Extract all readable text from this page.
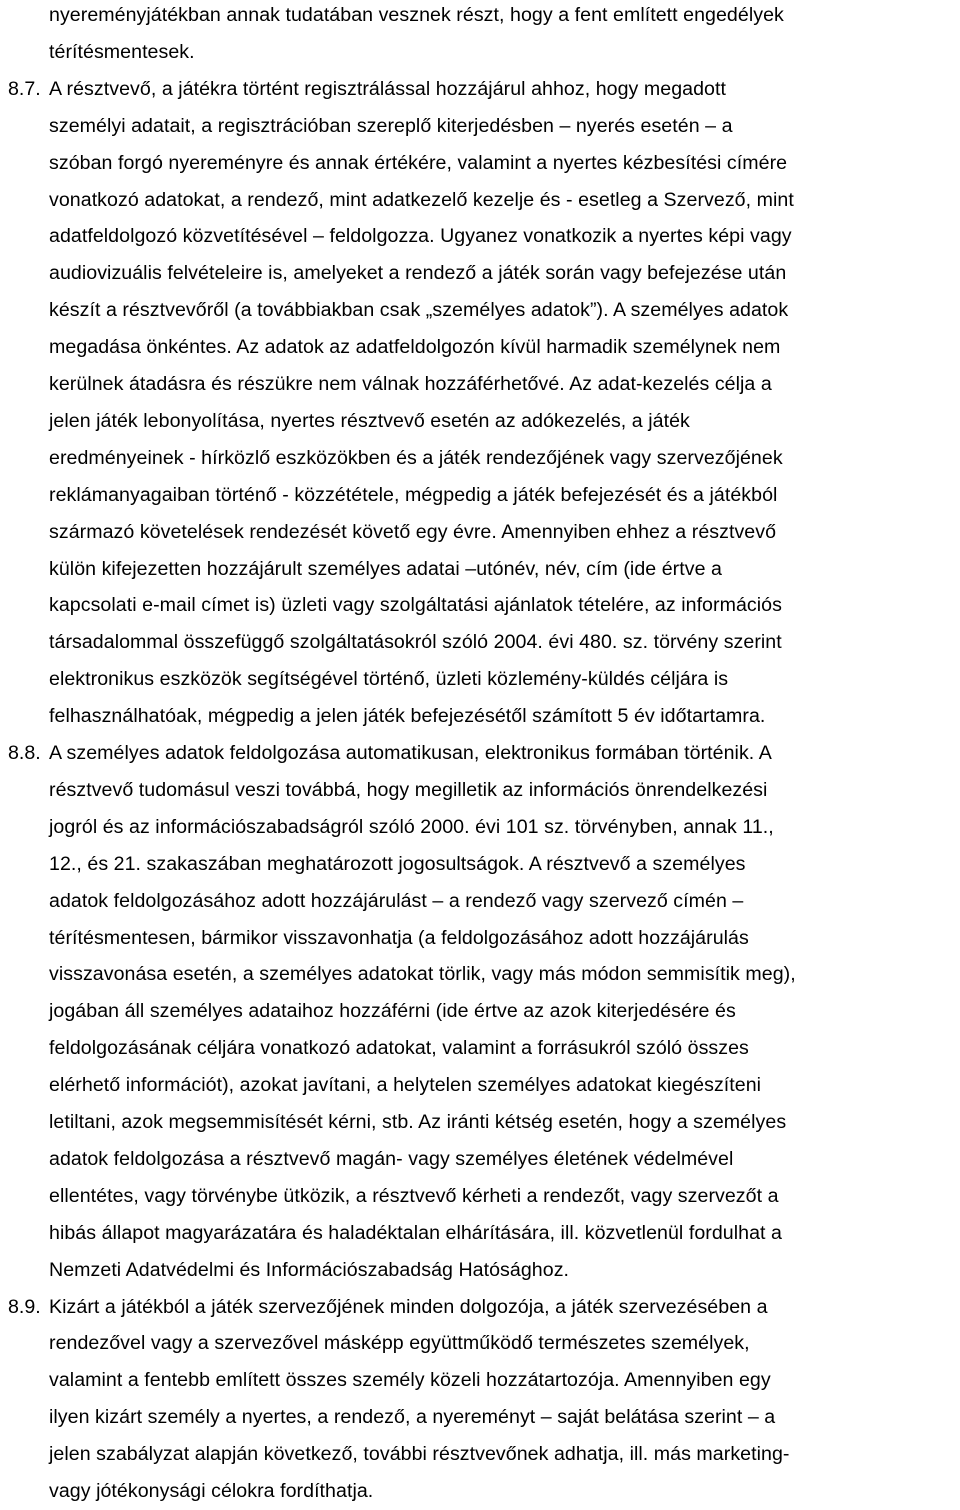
nyereményjátékban annak tudatában vesznek részt, hogy a fent említett engedélyek
térítésmentesek.
8.7. A résztvevő, a játékra történt regisztrálással hozzájárul ahhoz, hogy megadott
személyi adatait, a regisztrációban szereplő kiterjedésben – nyerés esetén – a
szóban forgó nyereményre és annak értékére, valamint a nyertes kézbesítési címére
vonatkozó adatokat, a rendező, mint adatkezelő kezelje és - esetleg a Szervező, mint
adatfeldolgozó közvetítésével – feldolgozza. Ugyanez vonatkozik a nyertes képi vagy
audiovizuális felvételeire is, amelyeket a rendező a játék során vagy befejezése után
készít a résztvevőről (a továbbiakban csak „személyes adatok”). A személyes adatok
megadása önkéntes. Az adatok az adatfeldolgozón kívül harmadik személynek nem
kerülnek átadásra és részükre nem válnak hozzáférhetővé. Az adat-kezelés célja a
jelen játék lebonyolítása, nyertes résztvevő esetén az adókezelés, a játék
eredményeinek - hírközlő eszközökben és a játék rendezőjének vagy szervezőjének
reklámanyagaiban történő - közzététele, mégpedig a játék befejezését és a játékból
származó követelések rendezését követő egy évre. Amennyiben ehhez a résztvevő
külön kifejezetten hozzájárult személyes adatai –utónév, név, cím (ide értve a
kapcsolati e-mail címet is) üzleti vagy szolgáltatási ajánlatok tételére, az információs
társadalommal összefüggő szolgáltatásokról szóló 2004. évi 480. sz. törvény szerint
elektronikus eszközök segítségével történő, üzleti közlemény-küldés céljára is
felhasználhatóak, mégpedig a jelen játék befejezésétől számított 5 év időtartamra.
8.8. A személyes adatok feldolgozása automatikusan, elektronikus formában történik. A
résztvevő tudomásul veszi továbbá, hogy megilletik az információs önrendelkezési
jogról és az információszabadságról szóló 2000. évi 101 sz. törvényben, annak 11.,
12., és 21. szakaszában meghatározott jogosultságok. A résztvevő a személyes
adatok feldolgozásához adott hozzájárulást – a rendező vagy szervező címén –
térítésmentesen, bármikor visszavonhatja (a feldolgozásához adott hozzájárulás
visszavonása esetén, a személyes adatokat törlik, vagy más módon semmisítik meg),
jogában áll személyes adataihoz hozzáférni (ide értve az azok kiterjedésére és
feldolgozásának céljára vonatkozó adatokat, valamint a forrásukról szóló összes
elérhető információt), azokat javítani, a helytelen személyes adatokat kiegészíteni
letiltani, azok megsemmisítését kérni, stb. Az iránti kétség esetén, hogy a személyes
adatok feldolgozása a résztvevő magán- vagy személyes életének védelmével
ellentétes, vagy törvénybe ütközik, a résztvevő kérheti a rendezőt, vagy szervezőt a
hibás állapot magyarázatára és haladéktalan elhárítására, ill. közvetlenül fordulhat a
Nemzeti Adatvédelmi és Információszabadság Hatósághoz.
8.9. Kizárt a játékból a játék szervezőjének minden dolgozója, a játék szervezésében a
rendezővel vagy a szervezővel másképp együttműködő természetes személyek,
valamint a fentebb említett összes személy közeli hozzátartozója. Amennyiben egy
ilyen kizárt személy a nyertes, a rendező, a nyereményt – saját belátása szerint – a
jelen szabályzat alapján következő, további résztvevőnek adhatja, ill. más marketing-
vagy jótékonysági célokra fordíthatja.
